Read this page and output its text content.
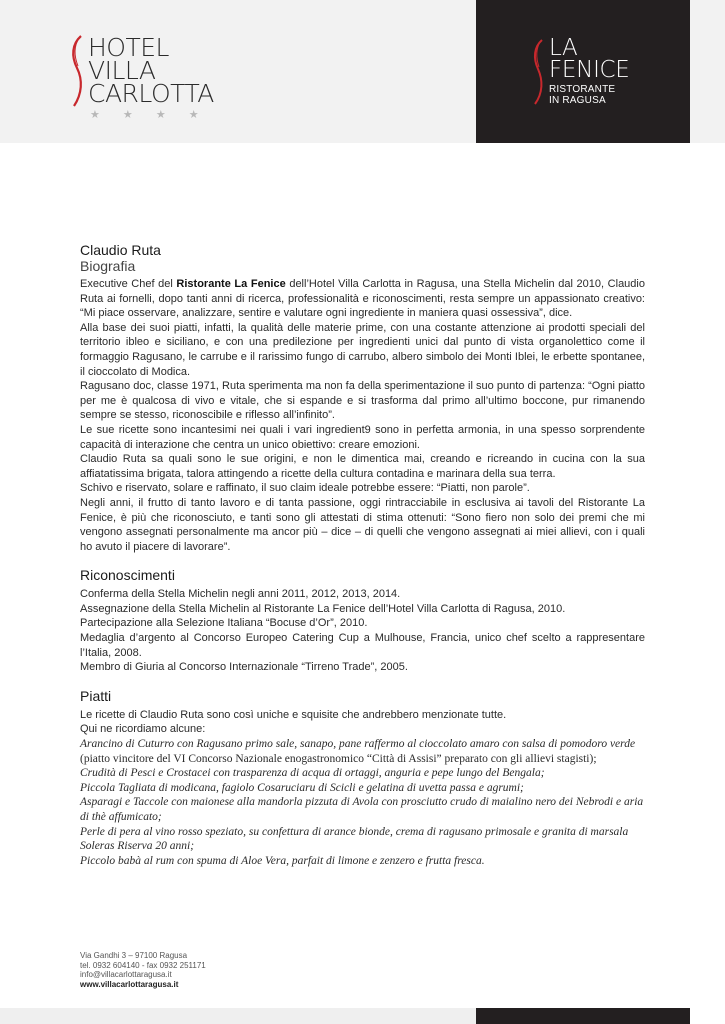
HOTEL
VILLA
CARLOTTA
★ ★ ★ ★
LA
FENICE
RISTORANTE
IN RAGUSA
Claudio Ruta
Biografia

Executive Chef del Ristorante La Fenice dell’Hotel Villa Carlotta in Ragusa, una Stella Michelin dal 2010, Claudio Ruta ai fornelli, dopo tanti anni di ricerca, professionalità e riconoscimenti, resta sempre un appassionato creativo: “Mi piace osservare, analizzare, sentire e valutare ogni ingrediente in maniera quasi ossessiva”, dice.

Alla base dei suoi piatti, infatti, la qualità delle materie prime, con una costante attenzione ai prodotti speciali del territorio ibleo e siciliano, e con una predilezione per ingredienti unici dal punto di vista organolettico come il formaggio Ragusano, le carrube e il rarissimo fungo di carrubo, albero simbolo dei Monti Iblei, le erbette spontanee, il cioccolato di Modica.

Ragusano doc, classe 1971, Ruta sperimenta ma non fa della sperimentazione il suo punto di partenza: “Ogni piatto per me è qualcosa di vivo e vitale, che si espande e si trasforma dal primo all’ultimo boccone, pur rimanendo sempre se stesso, riconoscibile e riflesso all’infinito”.

Le sue ricette sono incantesimi nei quali i vari ingredient9 sono in perfetta armonia, in una spesso sorprendente capacità di interazione che centra un unico obiettivo: creare emozioni.

Claudio Ruta sa quali sono le sue origini, e non le dimentica mai, creando e ricreando in cucina con la sua affiatatissima brigata, talora attingendo a ricette della cultura contadina e marinara della sua terra.

Schivo e riservato, solare e raffinato, il suo claim ideale potrebbe essere: “Piatti, non parole”.

Negli anni, il frutto di tanto lavoro e di tanta passione, oggi rintracciabile in esclusiva ai tavoli del Ristorante La Fenice, è più che riconosciuto, e tanti sono gli attestati di stima ottenuti: “Sono fiero non solo dei premi che mi vengono assegnati personalmente ma ancor più – dice – di quelli che vengono assegnati ai miei allievi, con i quali ho avuto il piacere di lavorare”.

Riconoscimenti

Conferma della Stella Michelin negli anni 2011, 2012, 2013, 2014.

Assegnazione della Stella Michelin al Ristorante La Fenice dell’Hotel Villa Carlotta di Ragusa, 2010.

Partecipazione alla Selezione Italiana “Bocuse d’Or”, 2010.

Medaglia d’argento al Concorso Europeo Catering Cup a Mulhouse, Francia, unico chef scelto a rappresentare l’Italia, 2008.

Membro di Giuria al Concorso Internazionale “Tirreno Trade”, 2005.

Piatti

Le ricette di Claudio Ruta sono così uniche e squisite che andrebbero menzionate tutte.

Qui ne ricordiamo alcune:

Arancino di Cuturro con Ragusano primo sale, sanapo, pane raffermo al cioccolato amaro con salsa di pomodoro verde

(piatto vincitore del VI Concorso Nazionale enogastronomico “Città di Assisi” preparato con gli allievi stagisti);

Crudità di Pesci e Crostacei con trasparenza di acqua di ortaggi, anguria e pepe lungo del Bengala;

Piccola Tagliata di modicana, fagiolo Cosaruciaru di Scicli e gelatina di uvetta passa e agrumi;

Asparagi e Taccole con maionese alla mandorla pizzuta di Avola con prosciutto crudo di maialino nero dei Nebrodi e aria di thè affumicato;

Perle di pera al vino rosso speziato, su confettura di arance bionde, crema di ragusano primosale e granita di marsala Soleras Riserva 20 anni;

Piccolo babà al rum con spuma di Aloe Vera, parfait di limone e zenzero e frutta fresca.

Via Gandhi 3 – 97100 Ragusa
tel. 0932 604140 - fax 0932 251171
info@villacarlottaragusa.it
www.villacarlottaragusa.it
